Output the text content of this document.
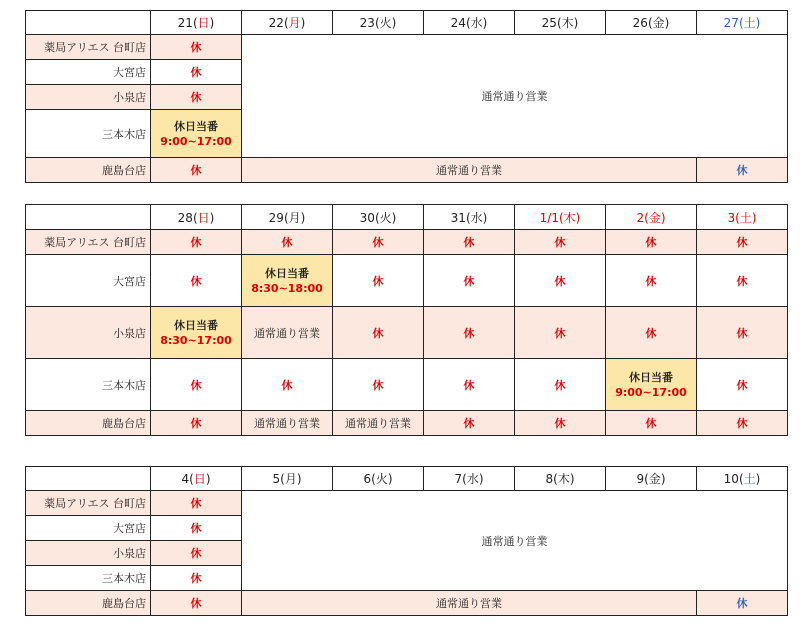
	21(日)	22(月)	23(火)	24(水)	25(木)	26(金)	27(土)
薬局アリエス 台町店	休	通常通り営業					
大宮店	休						
小泉店	休						
三本木店	休日当番
9:00~17:00						

鹿島台店	休	通常通り営業					休
	28(日)	29(月)	30(火)	31(水)	1/1(木)	2(金)	3(土)
薬局アリエス 台町店	休	休	休	休	休	休	休
大宮店	休	休日当番
8:30~18:00	休	休	休	休	休
小泉店	休日当番
8:30~17:00	通常通り営業	休	休	休	休	休
三本木店	休	休	休	休	休	休日当番
9:00~17:00	休
鹿島台店	休	通常通り営業	通常通り営業	休	休	休	休
	4(日)	5(月)	6(火)	7(水)	8(木)	9(金)	10(土)
薬局アリエス 台町店	休	通常通り営業					
大宮店	休						
小泉店	休						
三本木店	休						
鹿島台店	休	通常通り営業					休
